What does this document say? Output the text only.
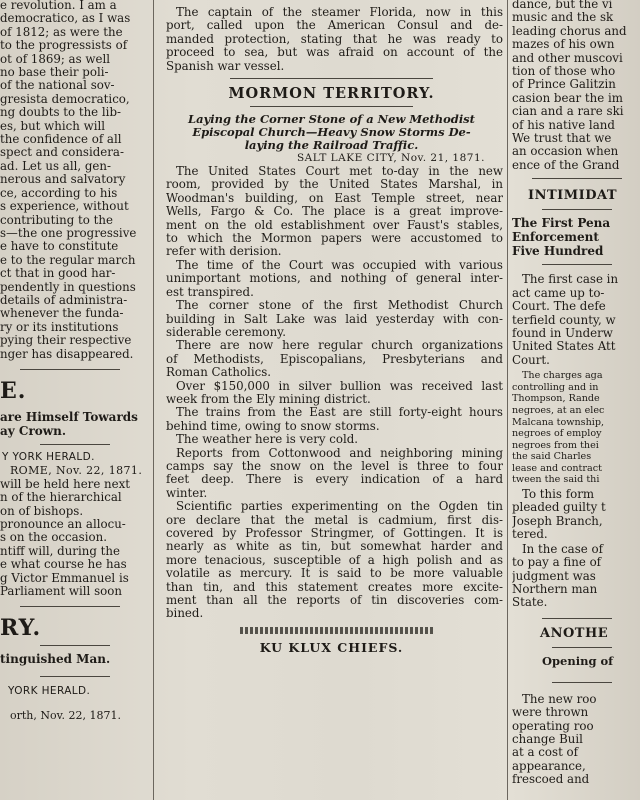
e revolution. I am a

democratico, as I was

of 1812; as were the

to the progressists of

ot of 1869; as well

no base their poli-

of the national sov-

gresista democratico,

ng doubts to the lib-

es, but which will

the confidence of all

spect and considera-

ad. Let us all, gen-

nerous and salvatory

ce, according to his

s experience, without

contributing to the

s—the one progressive

e have to constitute

e to the regular march

ct that in good har-

pendently in questions

details of administra-

whenever the funda-

ry or its institutions

pying their respective

nger has disappeared.

E.

are Himself Towards

ay Crown.

Y YORK HERALD.

ROME, Nov. 22, 1871.

will be held here next

n of the hierarchical

on of bishops.

pronounce an allocu-

s on the occasion.

ntiff will, during the

e what course he has

g Victor Emmanuel is

Parliament will soon

RY.

tinguished Man.

YORK HERALD.

orth, Nov. 22, 1871.

The captain of the steamer Florida, now in this

port, called upon the American Consul and de-

manded protection, stating that he was ready to

proceed to sea, but was afraid on account of the

Spanish war vessel.

MORMON TERRITORY.

Laying the Corner Stone of a New Methodist

Episcopal Church—Heavy Snow Storms De-

laying the Railroad Traffic.

SALT LAKE CITY, Nov. 21, 1871.

The United States Court met to-day in the new

room, provided by the United States Marshal, in

Woodman's building, on East Temple street, near

Wells, Fargo & Co. The place is a great improve-

ment on the old establishment over Faust's stables,

to which the Mormon papers were accustomed to

refer with derision.

The time of the Court was occupied with various

unimportant motions, and nothing of general inter-

est transpired.

The corner stone of the first Methodist Church

building in Salt Lake was laid yesterday with con-

siderable ceremony.

There are now here regular church organizations

of Methodists, Episcopalians, Presbyterians and

Roman Catholics.

Over $150,000 in silver bullion was received last

week from the Ely mining district.

The trains from the East are still forty-eight hours

behind time, owing to snow storms.

The weather here is very cold.

Reports from Cottonwood and neighboring mining

camps say the snow on the level is three to four

feet deep. There is every indication of a hard

winter.

Scientific parties experimenting on the Ogden tin

ore declare that the metal is cadmium, first dis-

covered by Professor Stringmer, of Gottingen. It is

nearly as white as tin, but somewhat harder and

more tenacious, susceptible of a high polish and as

volatile as mercury. It is said to be more valuable

than tin, and this statement creates more excite-

ment than all the reports of tin discoveries com-

bined.

KU KLUX CHIEFS.

dance, but the vi

music and the sk

leading chorus and

mazes of his own

and other muscovi

tion of those who

of Prince Galitzin

casion bear the im

cian and a rare ski

of his native land

We trust that we

an occasion when

ence of the Grand

INTIMIDAT

The First Pena

Enforcement

Five Hundred

The first case in

act came up to-

Court. The defe

terfield county, w

found in Underw

United States Att

Court.

The charges aga

controlling and in

Thompson, Rande

negroes, at an elec

Malcana township,

negroes of employ

negroes from thei

the said Charles

lease and contract

tween the said thi

To this form

pleaded guilty t

Joseph Branch,

tered.

In the case of

to pay a fine of

judgment was

Northern man

State.

ANOTHE

Opening of

The new roo

were thrown

operating roo

change Buil

at a cost of

appearance,

frescoed and
